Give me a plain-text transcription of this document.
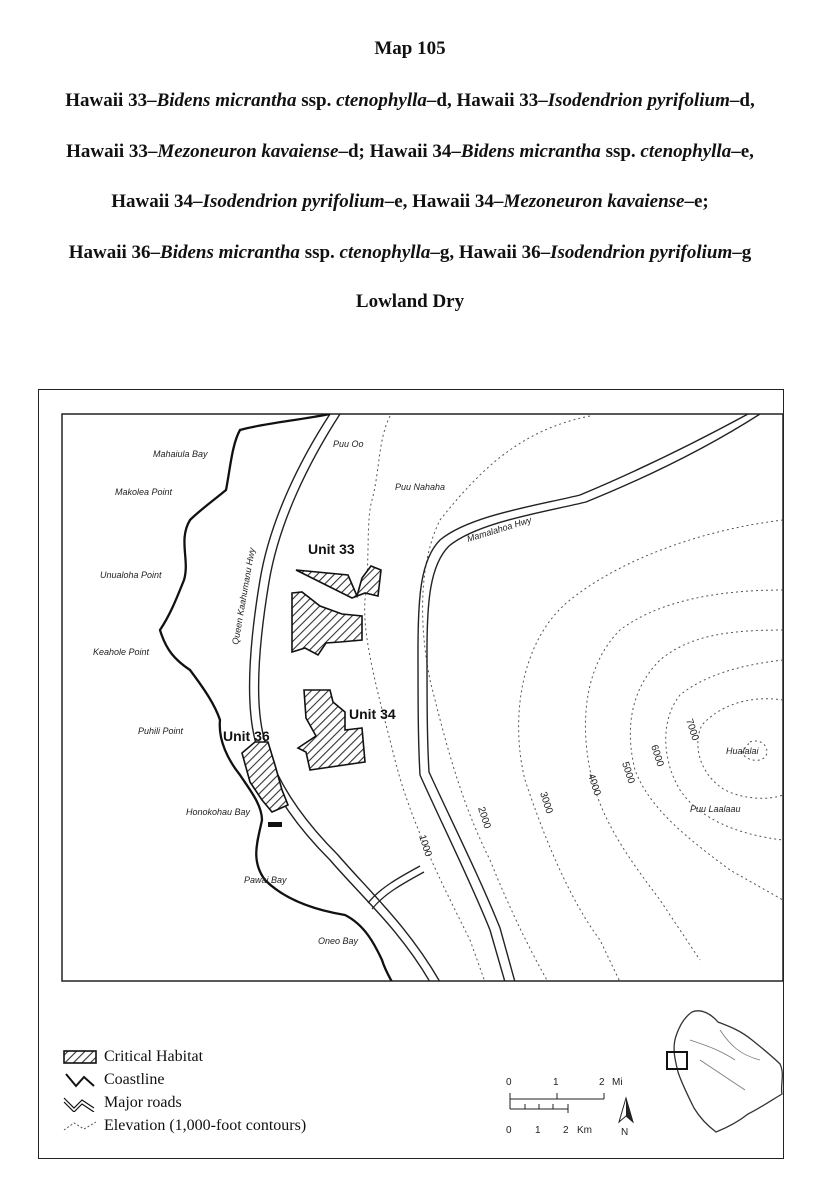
Map 105
Hawaii 33–Bidens micrantha ssp. ctenophylla–d, Hawaii 33–Isodendrion pyrifolium–d,
Hawaii 33–Mezoneuron kavaiense–d; Hawaii 34–Bidens micrantha ssp. ctenophylla–e,
Hawaii 34–Isodendrion pyrifolium–e, Hawaii 34–Mezoneuron kavaiense–e;
Hawaii 36–Bidens micrantha ssp. ctenophylla–g, Hawaii 36–Isodendrion pyrifolium–g
Lowland Dry
1000
2000
3000
4000 5000
6000
7000
Mahaiula Bay
Makolea Point
Unualoha Point
Keahole Point
Puhili Point
Honokohau Bay
Pawai Bay
Oneo Bay
Puu Oo
Puu Nahaha
Hualalai
Puu Laalaau
Queen Kaahumanu Hwy
Mamalahoa Hwy
Unit 33
Unit 34
Unit 36
0	1	2 Mi
0 1 2 Km	N
Critical Habitat
Coastline
Major roads
Elevation (1,000-foot contours)
